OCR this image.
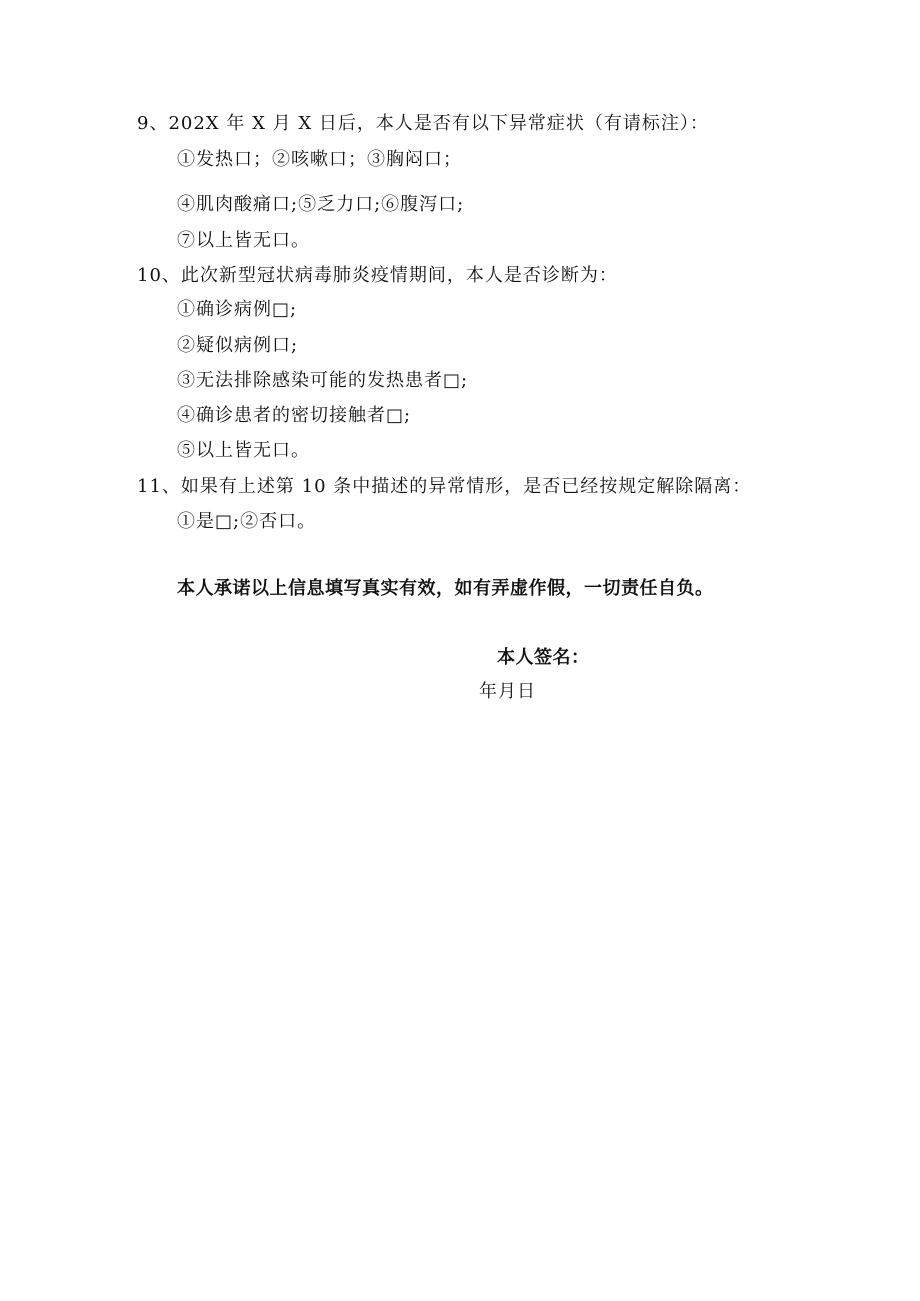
9、202X 年 X 月 X 日后，本人是否有以下异常症状（有请标注）：
①发热口；②咳嗽口；③胸闷口；
④肌肉酸痛口;⑤乏力口;⑥腹泻口;
⑦以上皆无口。
10、此次新型冠状病毒肺炎疫情期间，本人是否诊断为：
①确诊病例□;
②疑似病例口;
③无法排除感染可能的发热患者□;
④确诊患者的密切接触者□;
⑤以上皆无口。
11、如果有上述第 10 条中描述的异常情形，是否已经按规定解除隔离：
①是□;②否口。
本人承诺以上信息填写真实有效，如有弄虚作假，一切责任自负。
本人签名：
年月日
